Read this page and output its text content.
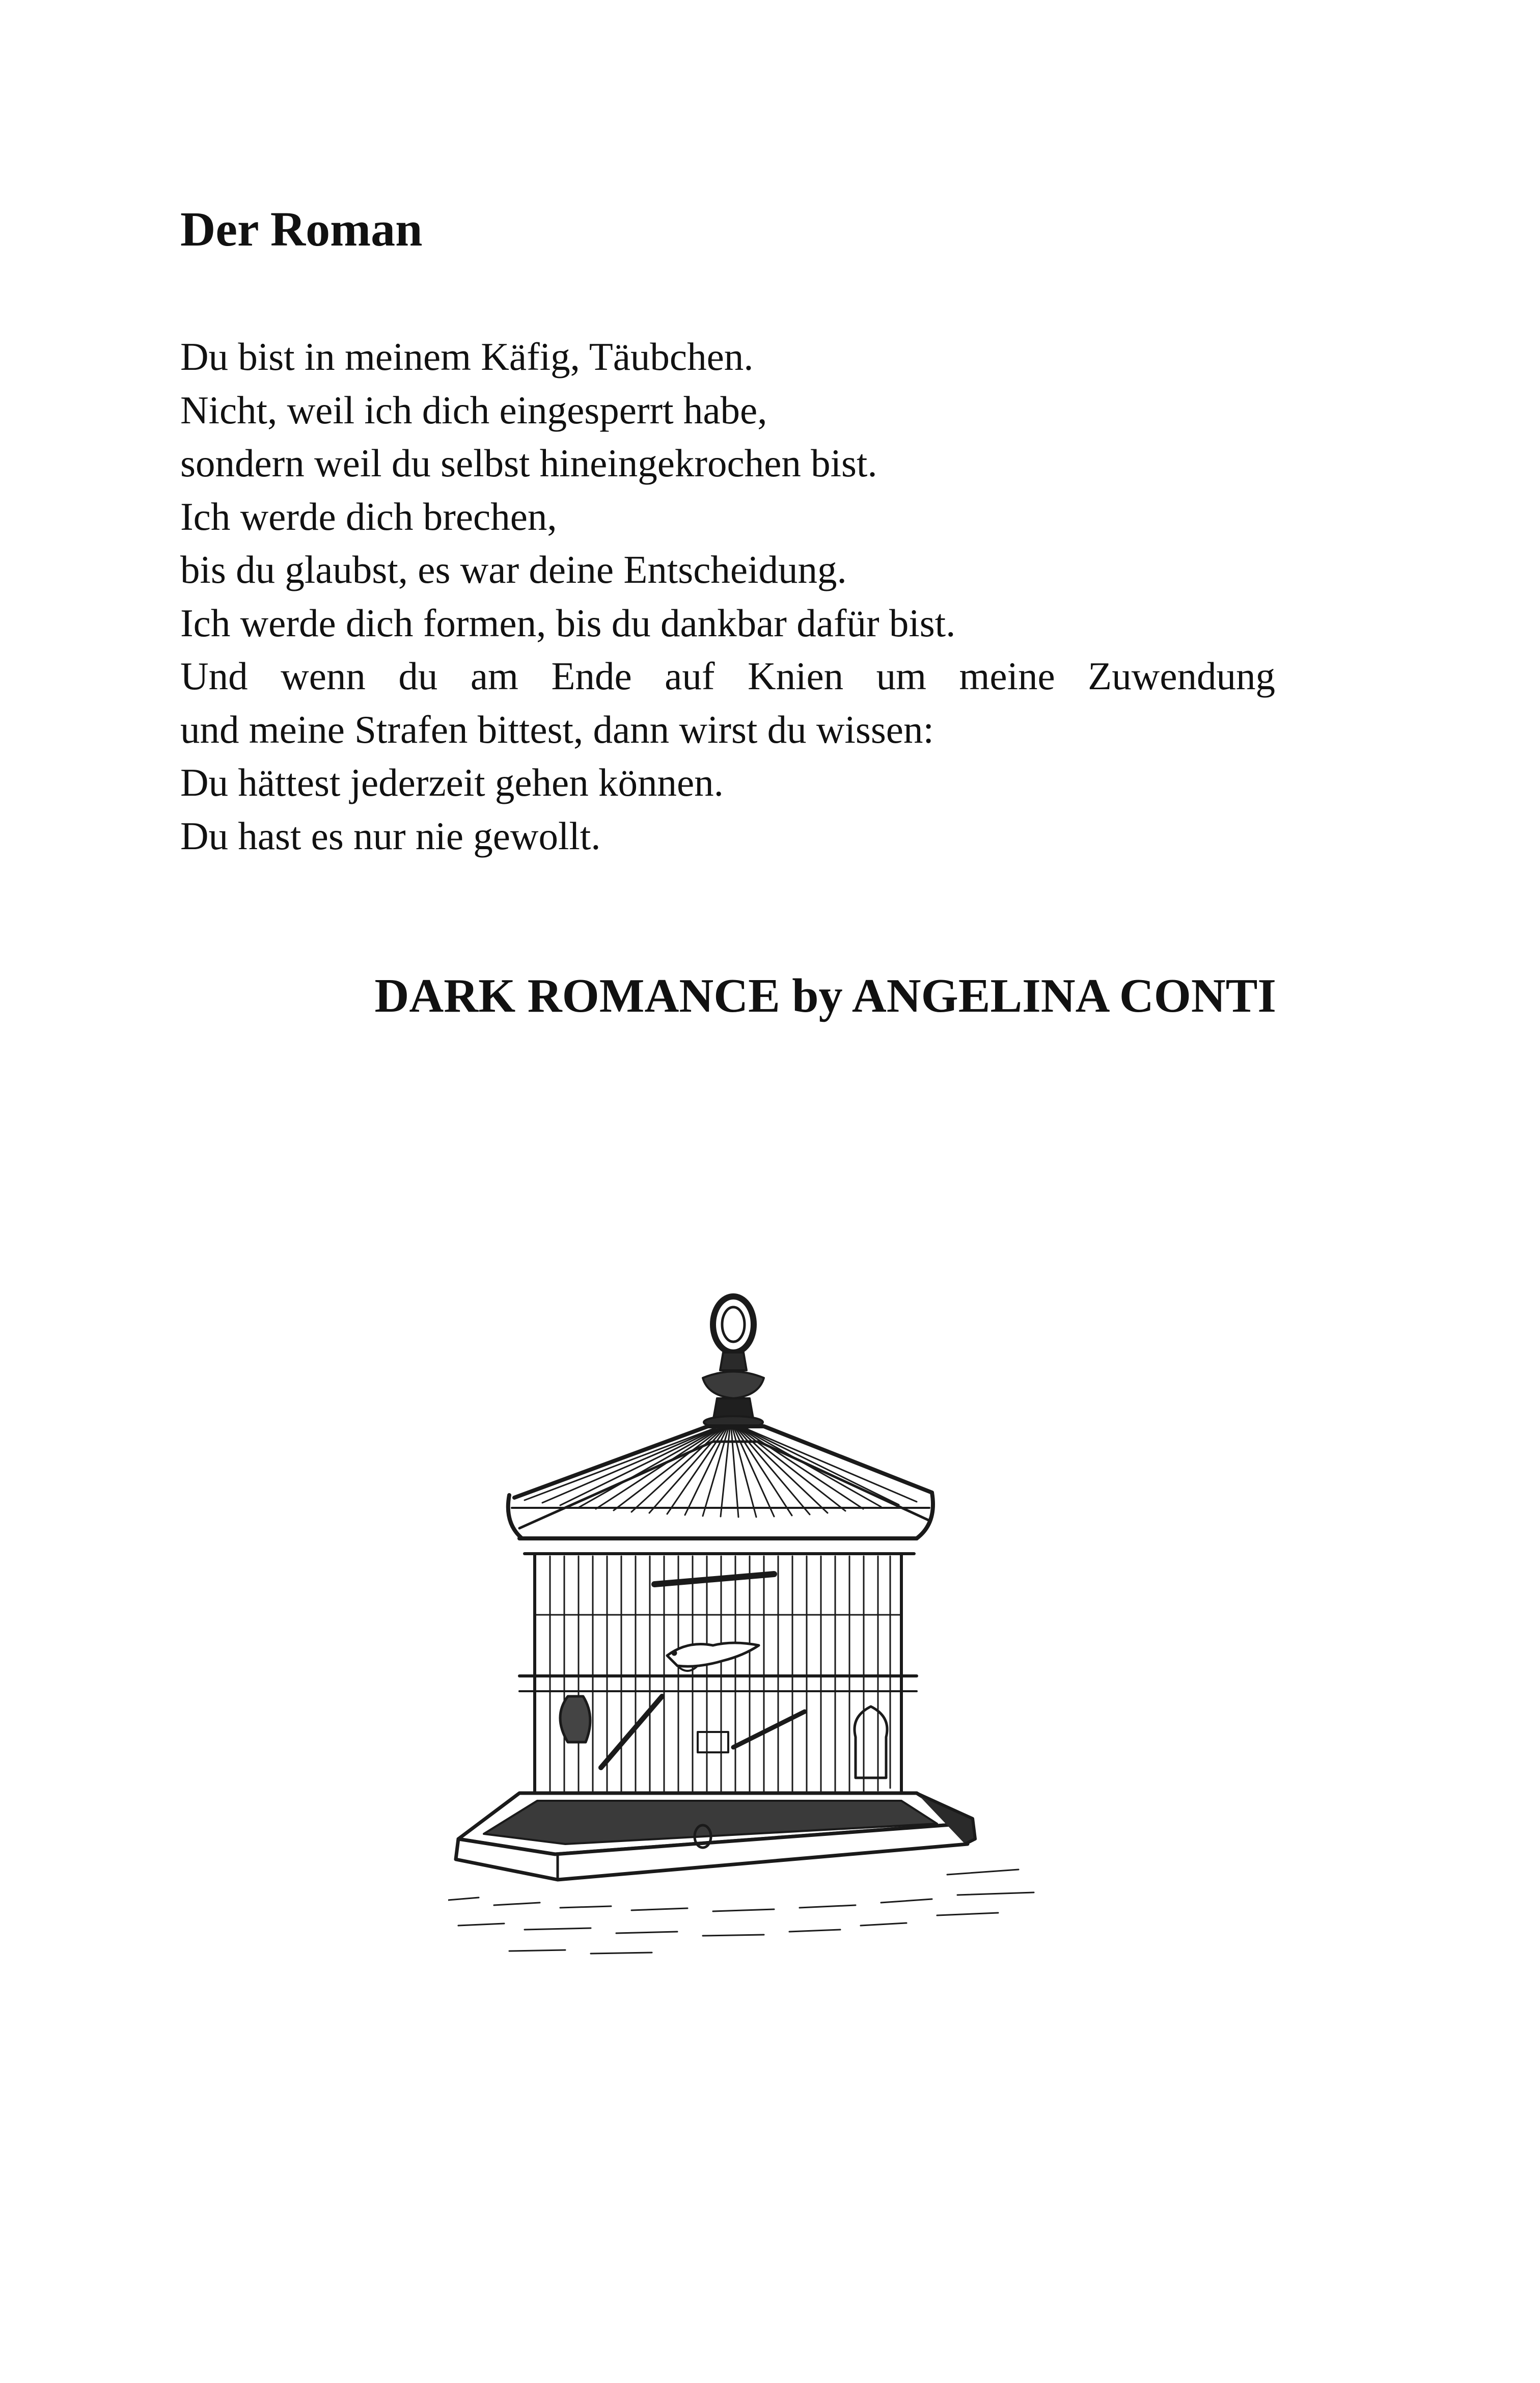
Der Roman
Du bist in meinem Käfig, Täubchen.
Nicht, weil ich dich eingesperrt habe,
sondern weil du selbst hineingekrochen bist.
Ich werde dich brechen,
bis du glaubst, es war deine Entscheidung.
Ich werde dich formen, bis du dankbar dafür bist.
Und wenn du am Ende auf Knien um meine Zuwendung
und meine Strafen bittest, dann wirst du wissen:
Du hättest jederzeit gehen können.
Du hast es nur nie gewollt.
DARK ROMANCE by ANGELINA CONTI
